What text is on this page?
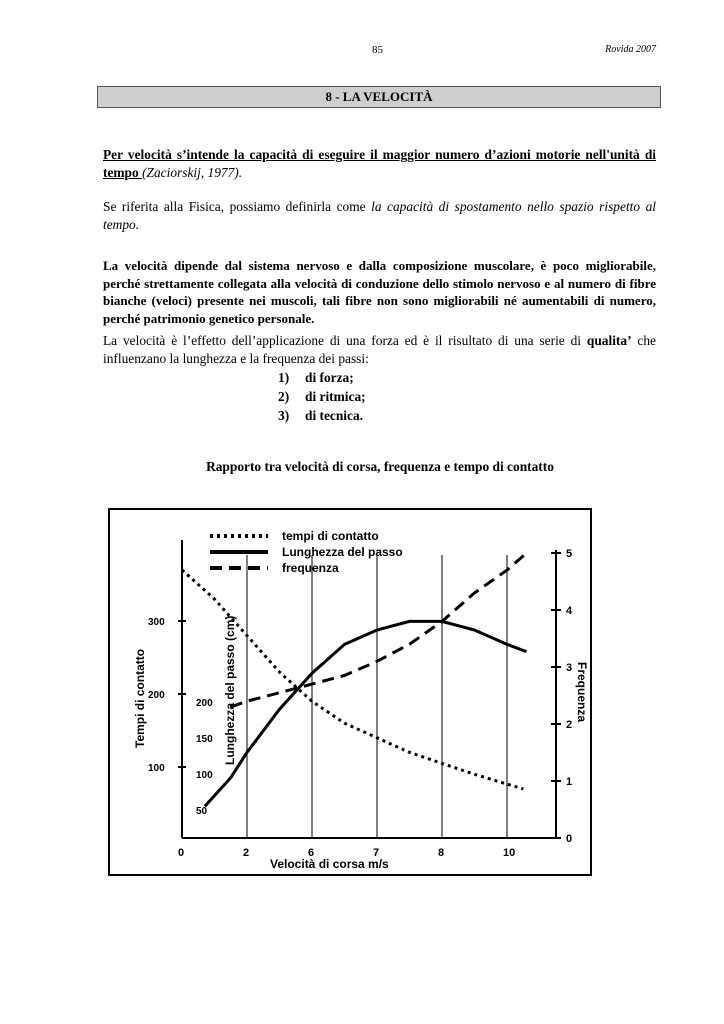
85	Rovida 2007
8 - LA VELOCITÀ
Per velocità s’intende la capacità di eseguire il maggior numero d’azioni motorie nell'unità di tempo (Zaciorskij, 1977).
Se riferita alla Fisica, possiamo definirla come la capacità di spostamento nello spazio rispetto al tempo.
La velocità dipende dal sistema nervoso e dalla composizione muscolare, è poco migliorabile, perché strettamente collegata alla velocità di conduzione dello stimolo nervoso e al numero di fibre bianche (veloci) presente nei muscoli, tali fibre non sono migliorabili né aumentabili di numero, perché patrimonio genetico personale.
La velocità è l’effetto dell’applicazione di una forza ed è il risultato di una serie di qualita’ che influenzano la lunghezza e la frequenza dei passi:
1)	di forza;
2)	di ritmica;
3)	di tecnica.
Rapporto tra velocità di corsa, frequenza e tempo di contatto
0	2	6	7	8	10
Velocità di corsa m/s
100
200
300
Tempi di contatto
50
100
150
200 Lunghezza del passo (cm)
0
1
2
3
4
5
Frequenza
tempi di contatto
Lunghezza del passo
frequenza
